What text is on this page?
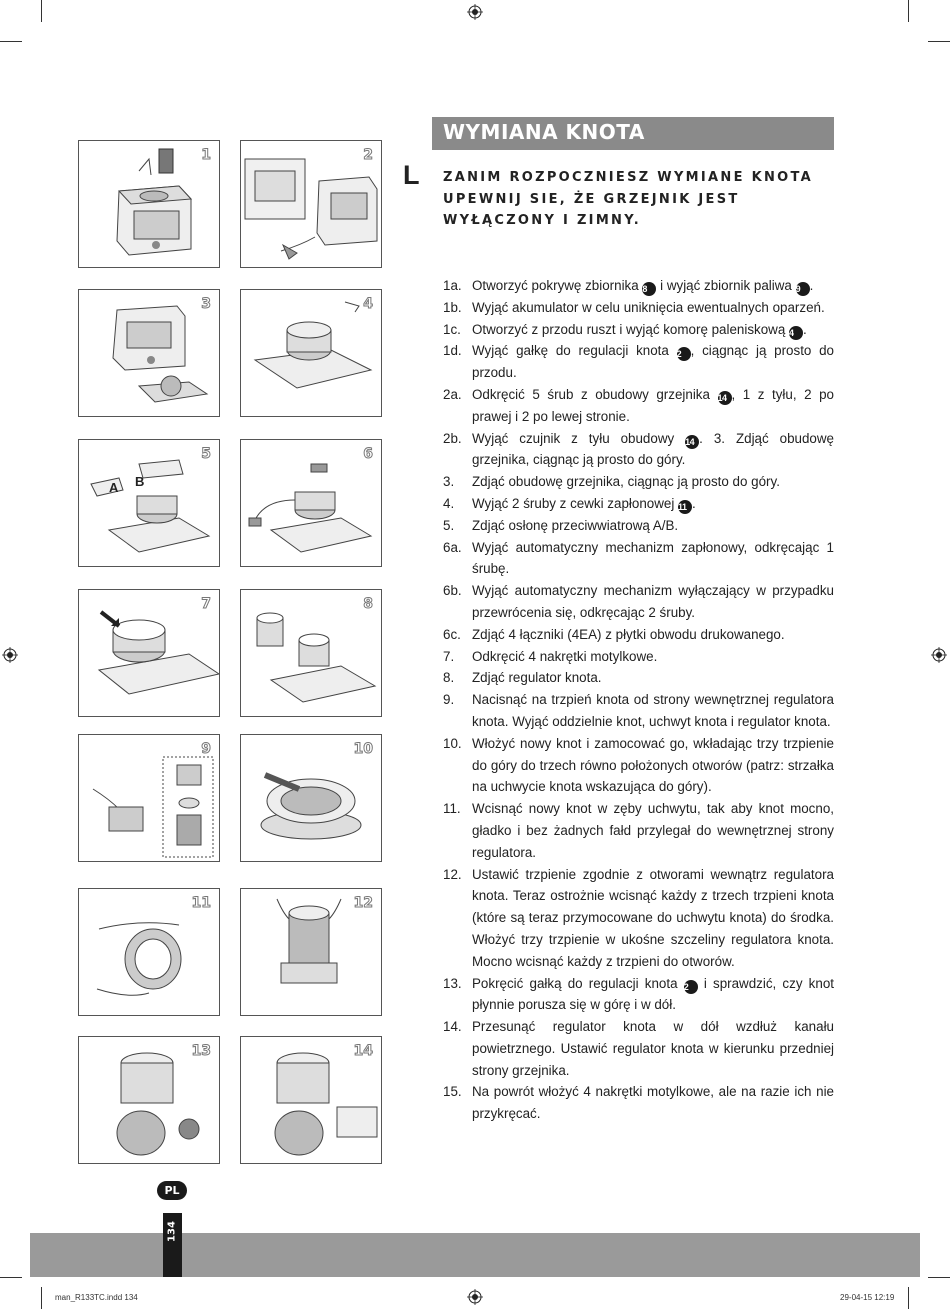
WYMIANA KNOTA
L ZANIM ROZPOCZNIESZ WYMIANE KNOTA
UPEWNIJ SIE, ŻE GRZEJNIK JEST
WYŁĄCZONY I ZIMNY.
1a. Otworzyć pokrywę zbiornika 8 i wyjąć zbiornik paliwa 9 .
1b. Wyjąć akumulator w celu uniknięcia ewentualnych oparzeń.
1c. Otworzyć z przodu ruszt i wyjąć komorę paleniskową 4 .
1d. Wyjąć gałkę do regulacji knota 2 , ciągnąc ją prosto do przodu.
2a. Odkręcić 5 śrub z obudowy grzejnika 14 , 1 z tyłu, 2 po prawej i 2 po lewej stronie.
2b. Wyjąć czujnik z tyłu obudowy 14 . 3. Zdjąć obudowę grzejnika, ciągnąc ją prosto do góry.
3.	Zdjąć obudowę grzejnika, ciągnąc ją prosto do góry.
4.	Wyjąć 2 śruby z cewki zapłonowej 11 .
5.	Zdjąć osłonę przeciwwiatrową A/B.
6a. Wyjąć automatyczny mechanizm zapłonowy, odkręcając 1 śrubę.
6b. Wyjąć automatyczny mechanizm wyłączający w przypadku przewrócenia się, odkręcając 2 śruby.
6c. Zdjąć 4 łączniki (4EA) z płytki obwodu drukowanego.
7.	Odkręcić 4 nakrętki motylkowe.
8.	Zdjąć regulator knota.
9.	Nacisnąć na trzpień knota od strony wewnętrznej regulatora knota. Wyjąć oddzielnie knot, uchwyt knota i regulator knota.
10. Włożyć nowy knot i zamocować go, wkładając trzy trzpienie do góry do trzech równo położonych otworów (patrz: strzałka na uchwycie knota wskazująca do góry).
11. Wcisnąć nowy knot w zęby uchwytu, tak aby knot mocno, gładko i bez żadnych fałd przylegał do wewnętrznej strony regulatora.
12. Ustawić trzpienie zgodnie z otworami wewnątrz regulatora knota. Teraz ostrożnie wcisnąć każdy z trzech trzpieni knota (które są teraz przymocowane do uchwytu knota) do środka. Włożyć trzy trzpienie w ukośne szczeliny regulatora knota. Mocno wcisnąć każdy z trzpieni do otworów.
13. Pokręcić gałką do regulacji knota 2 i sprawdzić, czy knot płynnie porusza się w górę i w dół.
14. Przesunąć regulator knota w dół wzdłuż kanału powietrznego. Ustawić regulator knota w kierunku przedniej strony grzejnika.
15. Na powrót włożyć 4 nakrętki motylkowe, ale na razie ich nie przykręcać.
1	2
3	4
A B
5	6
7	8
9	10
11	12
13	14
PL
134
man_R133TC.indd 134	29-04-15 12:19
